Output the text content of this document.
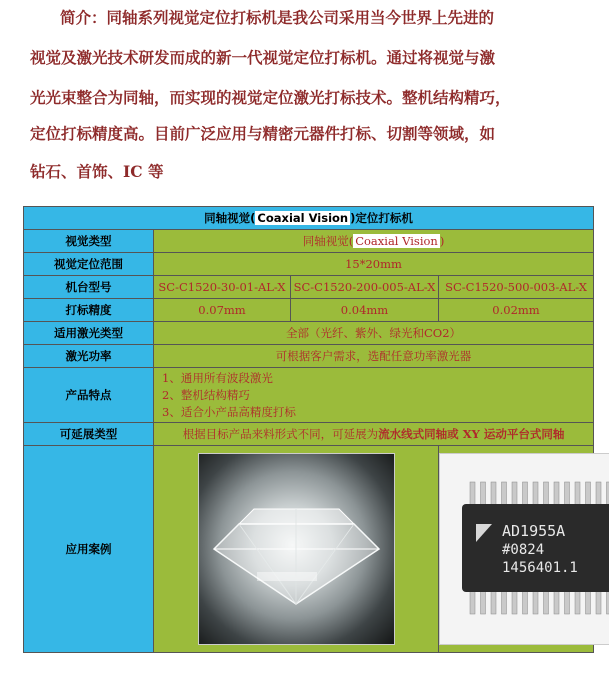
简介：同轴系列视觉定位打标机是我公司采用当今世界上先进的
视觉及激光技术研发而成的新一代视觉定位打标机。通过将视觉与激
光光束整合为同轴，而实现的视觉定位激光打标技术。整机结构精巧，
定位打标精度高。目前广泛应用与精密元器件打标、切割等领域，如
钻石、首饰、IC 等
同轴视觉( Coaxial Vision )定位打标机			
视觉类型	同轴视觉( Coaxial Vision )		
视觉定位范围	15*20mm		
机台型号	SC-C1520-30-01-AL-X	SC-C1520-200-005-AL-X	SC-C1520-500-003-AL-X
打标精度	0.07mm	0.04mm	0.02mm
适用激光类型	全部（光纤、紫外、绿光和CO2）		
激光功率	可根据客户需求，选配任意功率激光器		
产品特点	1、通用所有波段激光
2、整机结构精巧
3、适合小产品高精度打标		

可延展类型	根据目标产品来料形式不同，可延展为流水线式同轴或 XY 运动平台式同轴		
应用案例			AD1955A
#0824
1456401.1
